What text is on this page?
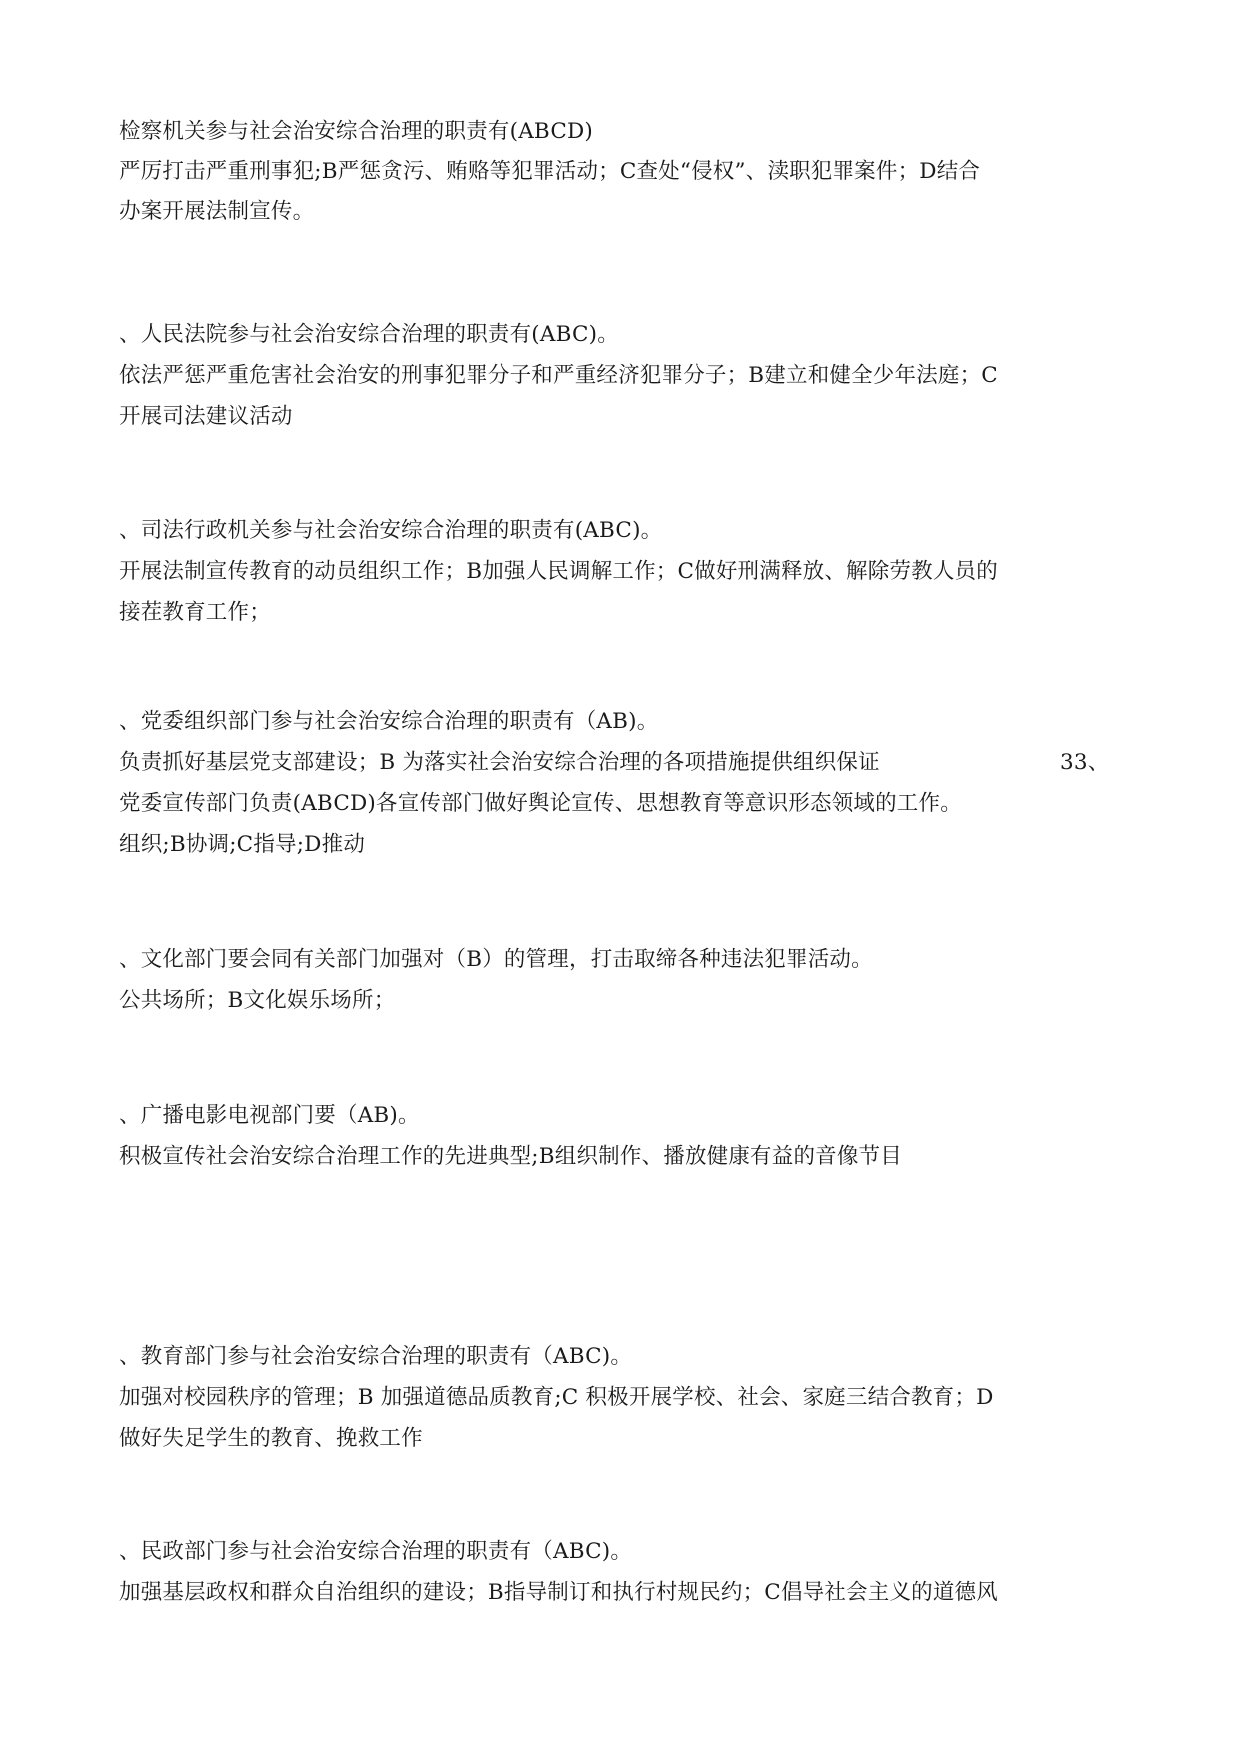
检察机关参与社会治安综合治理的职责有(ABCD)
严厉打击严重刑事犯;B严惩贪污、贿赂等犯罪活动；C查处“侵权”、渎职犯罪案件；D结合
办案开展法制宣传。
、人民法院参与社会治安综合治理的职责有(ABC)。
依法严惩严重危害社会治安的刑事犯罪分子和严重经济犯罪分子；B建立和健全少年法庭；C
开展司法建议活动
、司法行政机关参与社会治安综合治理的职责有(ABC)。
开展法制宣传教育的动员组织工作；B加强人民调解工作；C做好刑满释放、解除劳教人员的
接茬教育工作；
、党委组织部门参与社会治安综合治理的职责有（AB)。
负责抓好基层党支部建设；B 为落实社会治安综合治理的各项措施提供组织保证	33、
党委宣传部门负责(ABCD)各宣传部门做好舆论宣传、思想教育等意识形态领域的工作。
组织;B协调;C指导;D推动
、文化部门要会同有关部门加强对（B）的管理，打击取缔各种违法犯罪活动。
公共场所；B文化娱乐场所；
、广播电影电视部门要（AB)。
积极宣传社会治安综合治理工作的先进典型;B组织制作、播放健康有益的音像节目
、教育部门参与社会治安综合治理的职责有（ABC)。
加强对校园秩序的管理；B 加强道德品质教育;C 积极开展学校、社会、家庭三结合教育；D
做好失足学生的教育、挽救工作
、民政部门参与社会治安综合治理的职责有（ABC)。
加强基层政权和群众自治组织的建设；B指导制订和执行村规民约；C倡导社会主义的道德风
